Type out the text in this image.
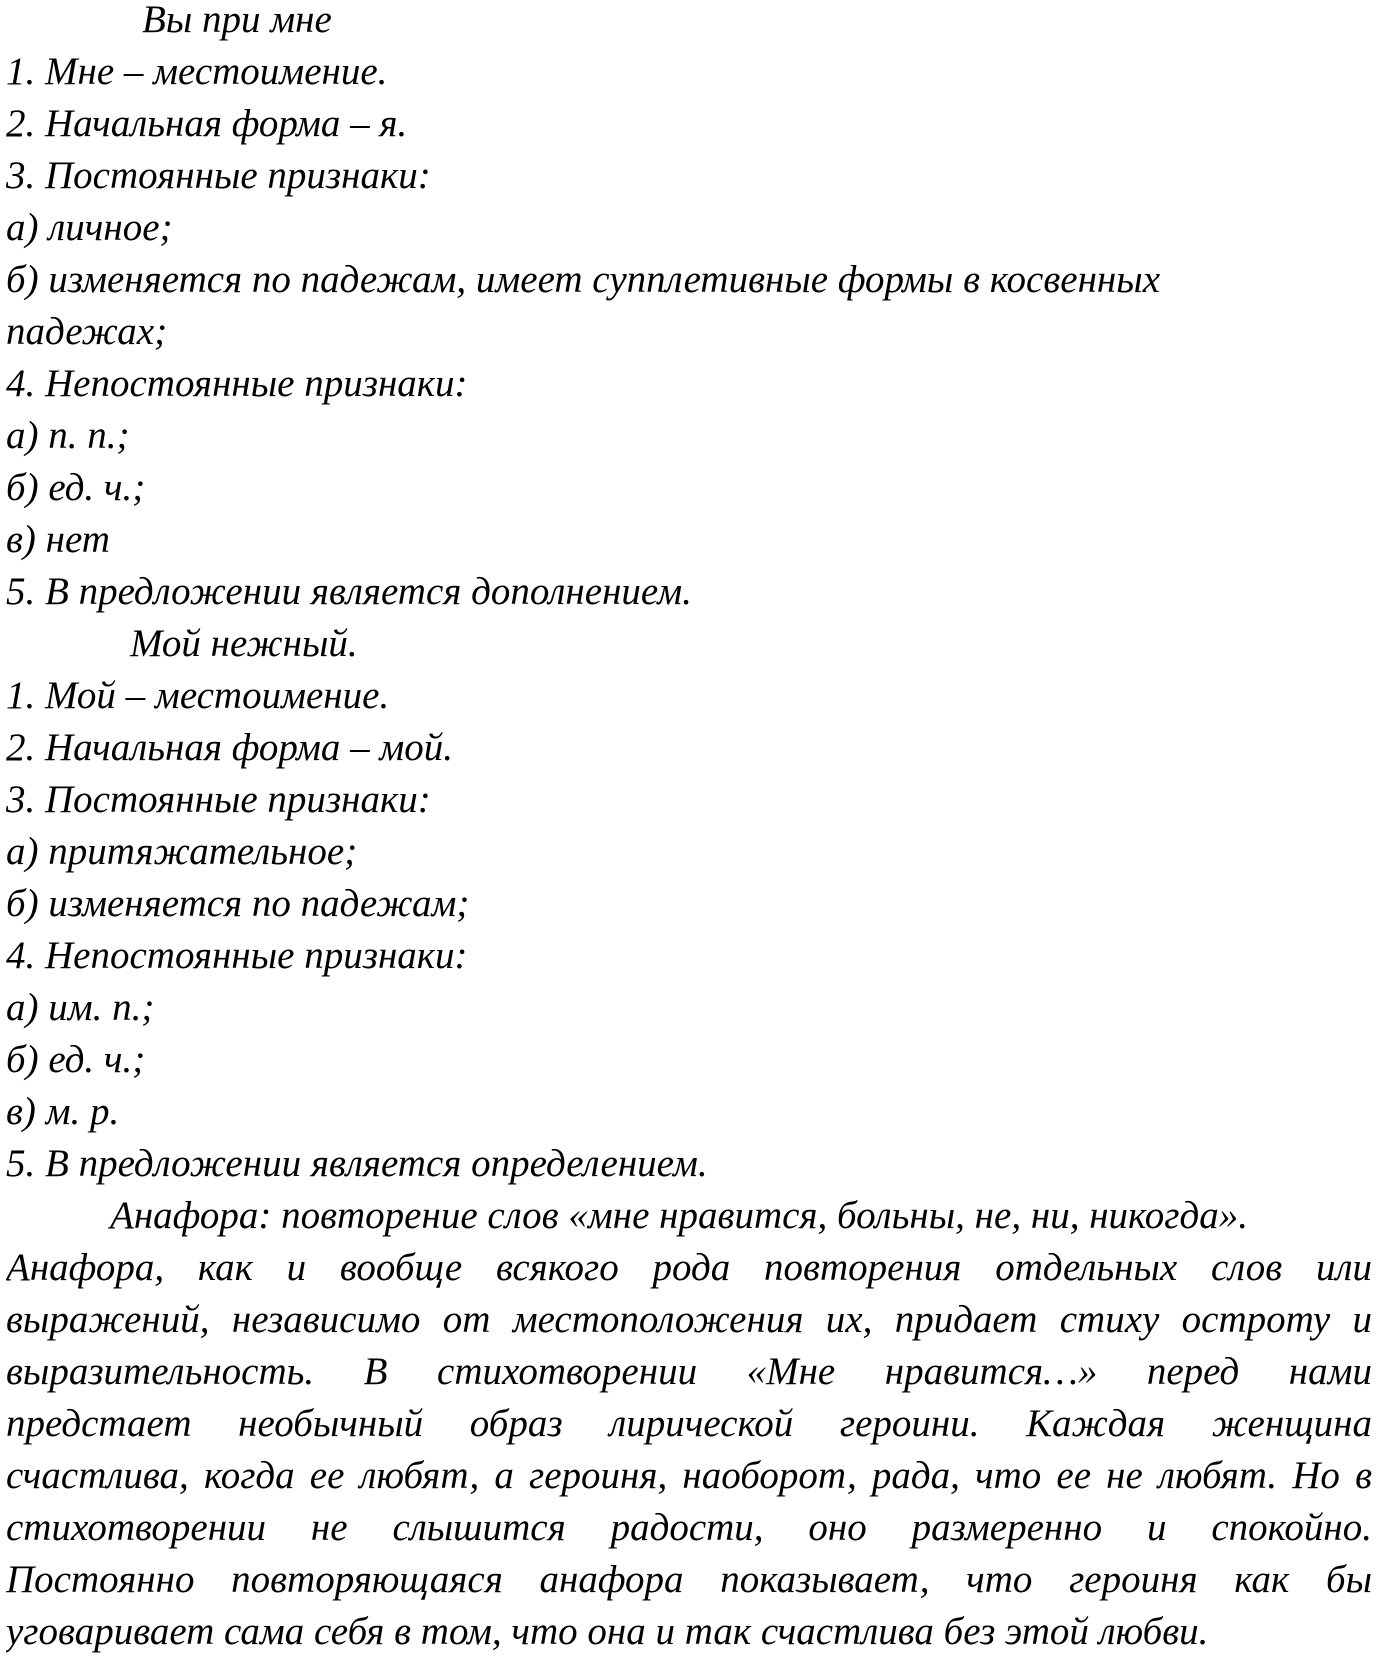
Вы при мне
1. Мне – местоимение.
2. Начальная форма – я.
3. Постоянные признаки:
а) личное;
б) изменяется по падежам, имеет супплетивные формы в косвенных
падежах;
4. Непостоянные признаки:
а) п. п.;
б) ед. ч.;
в) нет
5. В предложении является дополнением.
Мой нежный.
1. Мой – местоимение.
2. Начальная форма – мой.
3. Постоянные признаки:
а) притяжательное;
б) изменяется по падежам;
4. Непостоянные признаки:
а) им. п.;
б) ед. ч.;
в) м. р.
5. В предложении является определением.
Анафора: повторение слов «мне нравится, больны, не, ни, никогда».
Анафора, как и вообще всякого рода повторения отдельных слов или
выражений, независимо от местоположения их, придает стиху остроту и
выразительность. В стихотворении «Мне нравится…» перед нами
предстает необычный образ лирической героини. Каждая женщина
счастлива, когда ее любят, а героиня, наоборот, рада, что ее не любят. Но в
стихотворении не слышится радости, оно размеренно и спокойно.
Постоянно повторяющаяся анафора показывает, что героиня как бы
уговаривает сама себя в том, что она и так счастлива без этой любви.
